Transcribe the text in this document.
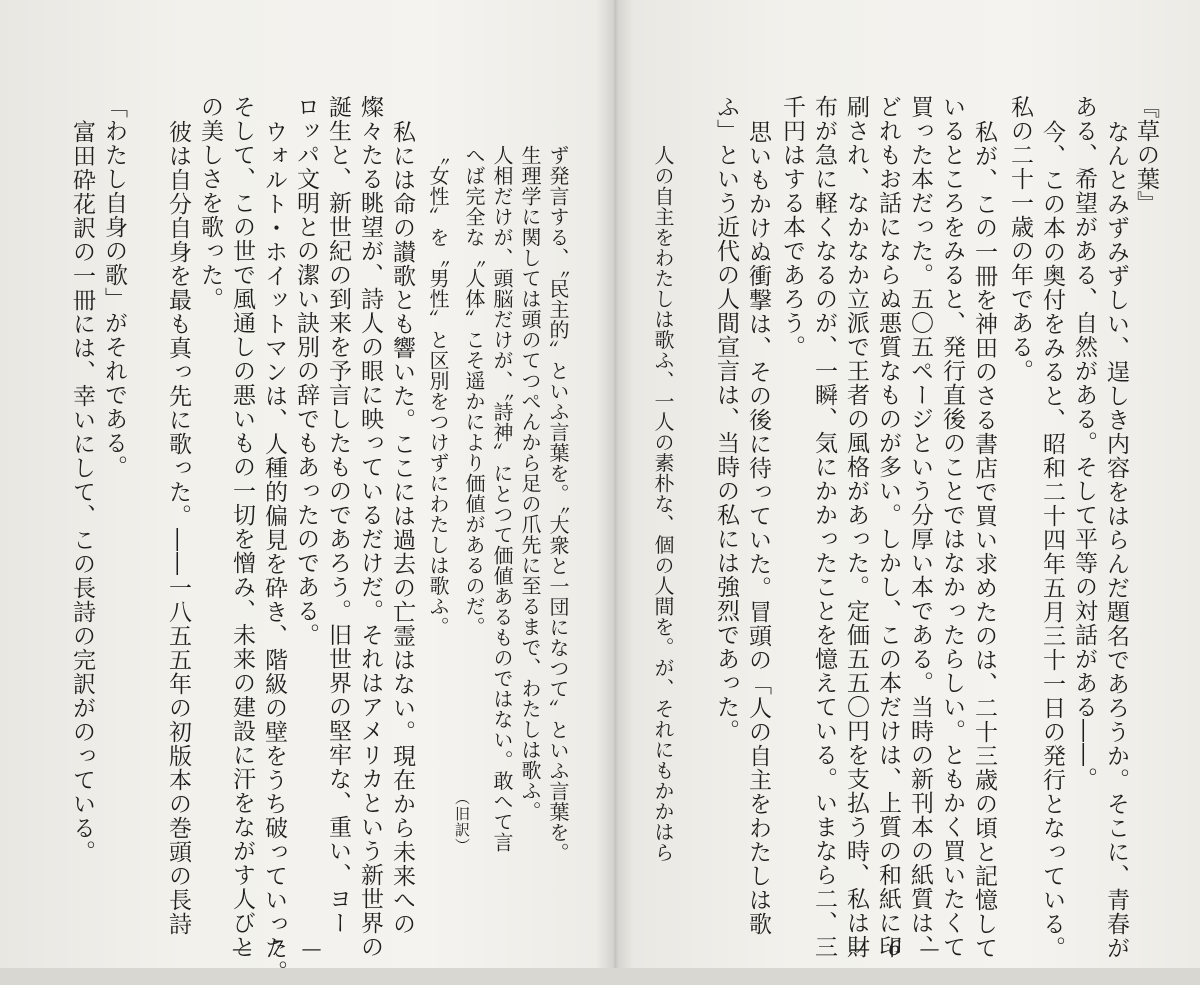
『草の葉』
なんとみずみずしい、逞しき内容をはらんだ題名であろうか。そこに、青春が
ある、希望がある、自然がある。そして平等の対話がある――。
今、この本の奥付をみると、昭和二十四年五月三十一日の発行となっている。
私の二十一歳の年である。
私が、この一冊を神田のさる書店で買い求めたのは、二十三歳の頃と記憶して
いるところをみると、発行直後のことではなかったらしい。ともかく買いたくて
買った本だった。五〇五ページという分厚い本である。当時の新刊本の紙質は、
どれもお話にならぬ悪質なものが多い。しかし、この本だけは、上質の和紙に印
刷され、なかなか立派で王者の風格があった。定価五五〇円を支払う時、私は財
布が急に軽くなるのが、一瞬、気にかかったことを憶えている。いまなら二、三
千円はする本であろう。
思いもかけぬ衝撃は、その後に待っていた。冒頭の「人の自主をわたしは歌
ふ」という近代の人間宣言は、当時の私には強烈であった。
人の自主をわたしは歌ふ、一人の素朴な、個の人間を。が、それにもかかはら
— 6 —
ず発言する、〝民主的〟といふ言葉を。〝大衆と一団になつて〟といふ言葉を。
生理学に関しては頭のてつぺんから足の爪先に至るまで、わたしは歌ふ。
人相だけが、頭脳だけが、〝詩神〟にとつて価値あるものではない。敢へて言
へば完全な〝人体〟こそ遥かにより価値があるのだ。
〝女性〟を〝男性〟と区別をつけずにわたしは歌ふ。
（旧訳）
私には命の讃歌とも響いた。ここには過去の亡霊はない。現在から未来への
燦々たる眺望が、詩人の眼に映っているだけだ。それはアメリカという新世界の
誕生と、新世紀の到来を予言したものであろう。旧世界の堅牢な、重い、ヨー
ロッパ文明との潔い訣別の辞でもあったのである。
ウォルト・ホイットマンは、人種的偏見を砕き、階級の壁をうち破っていった。
そして、この世で風通しの悪いもの一切を憎み、未来の建設に汗をながす人びと
の美しさを歌った。
彼は自分自身を最も真っ先に歌った。――一八五五年の初版本の巻頭の長詩
「わたし自身の歌」がそれである。
富田砕花訳の一冊には、幸いにして、この長詩の完訳がのっている。
— 7 —
